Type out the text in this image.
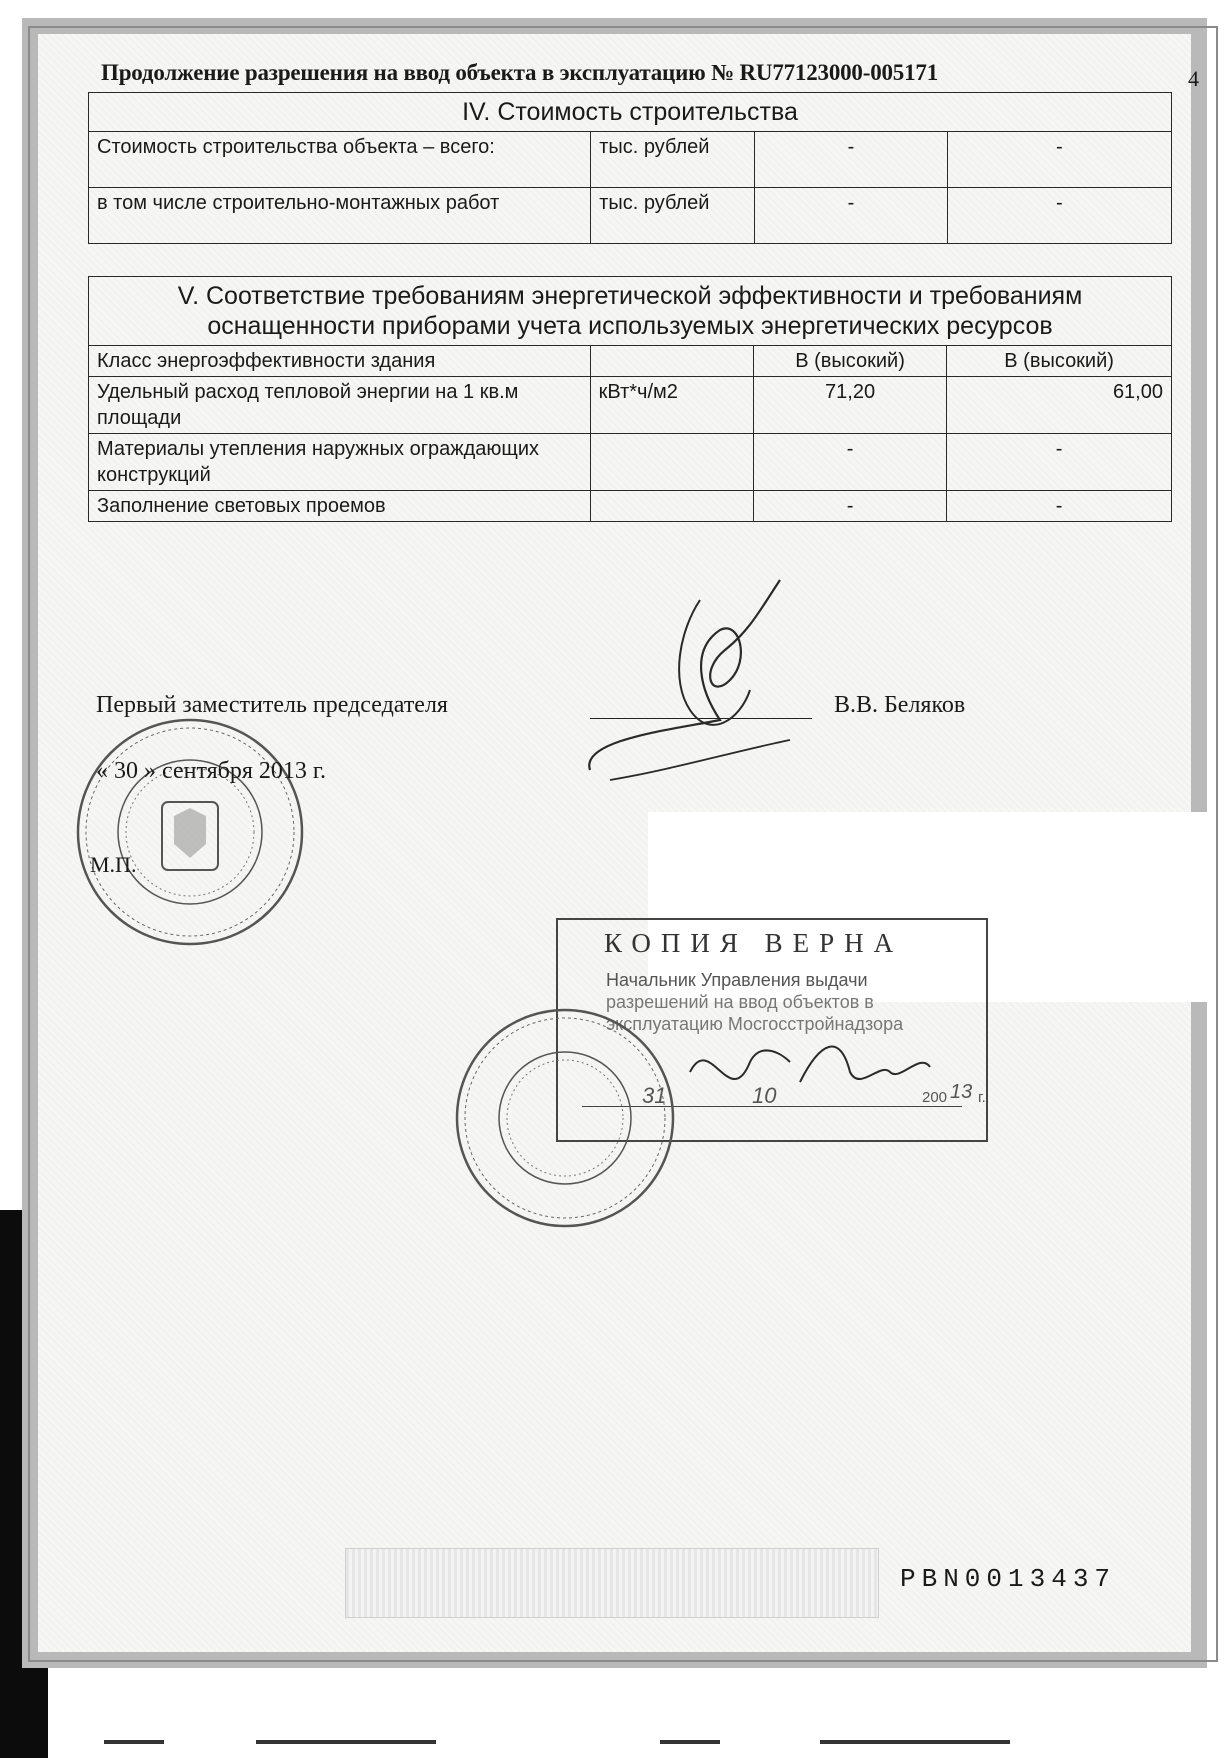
4
Продолжение разрешения на ввод объекта в эксплуатацию № RU77123000-005171
IV. Стоимость строительства			
Стоимость строительства объекта – всего:	тыс. рублей	-	-
в том числе строительно-монтажных работ	тыс. рублей	-	-
V. Соответствие требованиям энергетической эффективности и требованиям оснащенности приборами учета используемых энергетических ресурсов			
Класс энергоэффективности здания		В (высокий)	В (высокий)
Удельный расход тепловой энергии на 1 кв.м площади	кВт*ч/м2	71,20	61,00
Материалы утепления наружных ограждающих конструкций		-	-
Заполнение световых проемов		-	-
Первый заместитель председателя	В.В. Беляков
« 30 » сентября 2013 г.
М.П.
КОПИЯ ВЕРНА
Начальник Управления выдачи
разрешений на ввод объектов в
эксплуатацию Мосгосстройнадзора
31	10	200 13 г.
PBN0013437
